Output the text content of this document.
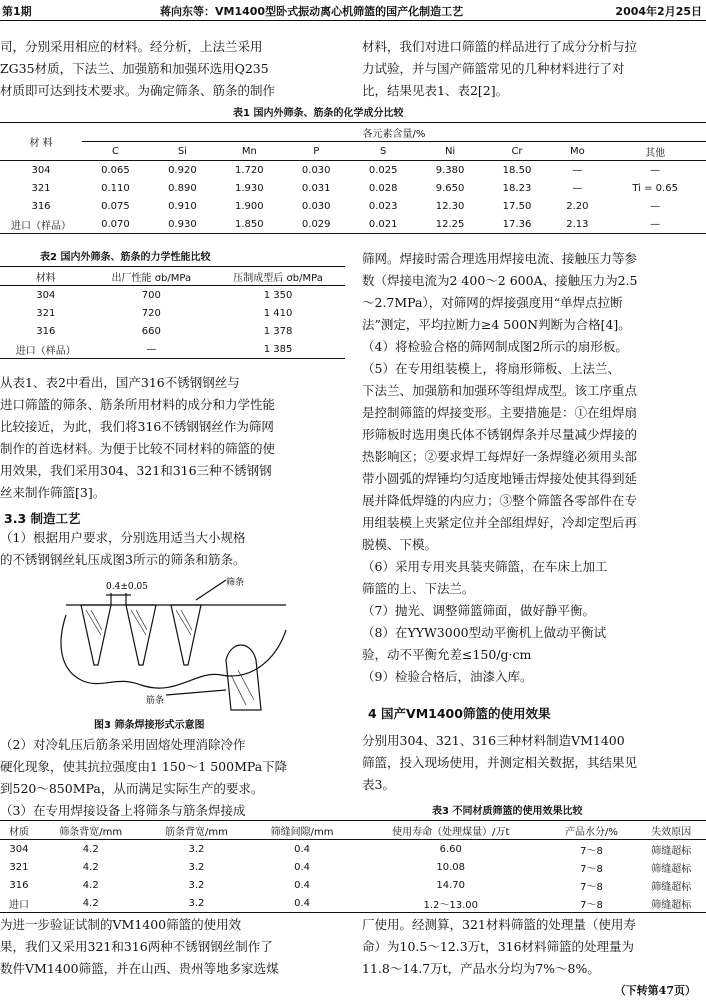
第1期	蒋向东等：VM1400型卧式振动离心机筛篮的国产化制造工艺	2004年2月25日
司，分别采用相应的材料。经分析，上法兰采用
ZG35材质，下法兰、加强筋和加强环选用Q235
材质即可达到技术要求。为确定筛条、筋条的制作
材料，我们对进口筛篮的样品进行了成分分析与拉
力试验，并与国产筛篮常见的几种材料进行了对
比，结果见表1、表2[2]。
表1 国内外筛条、筋条的化学成分比较
材 料	各元素含量/%								
	C	Si	Mn	P	S	Ni	Cr	Mo	其他
304	0.065	0.920	1.720	0.030	0.025	9.380	18.50	—	—
321	0.110	0.890	1.930	0.031	0.028	9.650	18.23	—	Ti = 0.65
316	0.075	0.910	1.900	0.030	0.023	12.30	17.50	2.20	—
进口（样品）	0.070	0.930	1.850	0.029	0.021	12.25	17.36	2.13	—
表2 国内外筛条、筋条的力学性能比较
材料	出厂性能 σb/MPa	压制成型后 σb/MPa
304	700	1 350
321	720	1 410
316	660	1 378
进口（样品）	—	1 385
从表1、表2中看出，国产316不锈钢钢丝与
进口筛篮的筛条、筋条所用材料的成分和力学性能
比较接近，为此，我们将316不锈钢钢丝作为筛网
制作的首选材料。为便于比较不同材料的筛篮的使
用效果，我们采用304、321和316三种不锈钢钢
丝来制作筛篮[3]。
3.3 制造工艺
（1）根据用户要求，分别选用适当大小规格
的不锈钢钢丝轧压成图3所示的筛条和筋条。
0.4±0.05	筛条
筋条
图3 筛条焊接形式示意图
（2）对冷轧压后筋条采用固熔处理消除冷作
硬化现象，使其抗拉强度由1 150～1 500MPa下降
到520～850MPa，从而满足实际生产的要求。
（3）在专用焊接设备上将筛条与筋条焊接成
筛网。焊接时需合理选用焊接电流、接触压力等参
数（焊接电流为2 400～2 600A、接触压力为2.5
～2.7MPa），对筛网的焊接强度用“单焊点拉断
法”测定，平均拉断力≥4 500N判断为合格[4]。
（4）将检验合格的筛网制成图2所示的扇形板。
（5）在专用组装模上，将扇形筛板、上法兰、
下法兰、加强筋和加强环等组焊成型。该工序重点
是控制筛篮的焊接变形。主要措施是：①在组焊扇
形筛板时选用奥氏体不锈钢焊条并尽量减少焊接的
热影响区；②要求焊工每焊好一条焊缝必须用头部
带小圆弧的焊锤均匀适度地锤击焊接处使其得到延
展并降低焊缝的内应力；③整个筛篮各零部件在专
用组装模上夹紧定位并全部组焊好，冷却定型后再
脱模、下模。
（6）采用专用夹具装夹筛篮，在车床上加工
筛篮的上、下法兰。
（7）抛光、调整筛篮筛面，做好静平衡。
（8）在YYW3000型动平衡机上做动平衡试
验，动不平衡允差≤150/g·cm
（9）检验合格后，油漆入库。
4 国产VM1400筛篮的使用效果
分别用304、321、316三种材料制造VM1400
筛篮，投入现场使用，并测定相关数据，其结果见
表3。
表3 不同材质筛篮的使用效果比较
材质	筛条背宽/mm	筋条背宽/mm	筛缝间隙/mm	使用寿命（处理煤量）/万t	产品水分/%	失效原因
304	4.2	3.2	0.4	6.60	7～8	筛缝超标
321	4.2	3.2	0.4	10.08	7～8	筛缝超标
316	4.2	3.2	0.4	14.70	7～8	筛缝超标
进口	4.2	3.2	0.4	1.2～13.00	7～8	筛缝超标
为进一步验证试制的VM1400筛篮的使用效
果，我们又采用321和316两种不锈钢钢丝制作了
数件VM1400筛篮，并在山西、贵州等地多家选煤
厂使用。经测算，321材料筛篮的处理量（使用寿
命）为10.5～12.3万t，316材料筛篮的处理量为
11.8～14.7万t，产品水分均为7%～8%。
（下转第47页）
